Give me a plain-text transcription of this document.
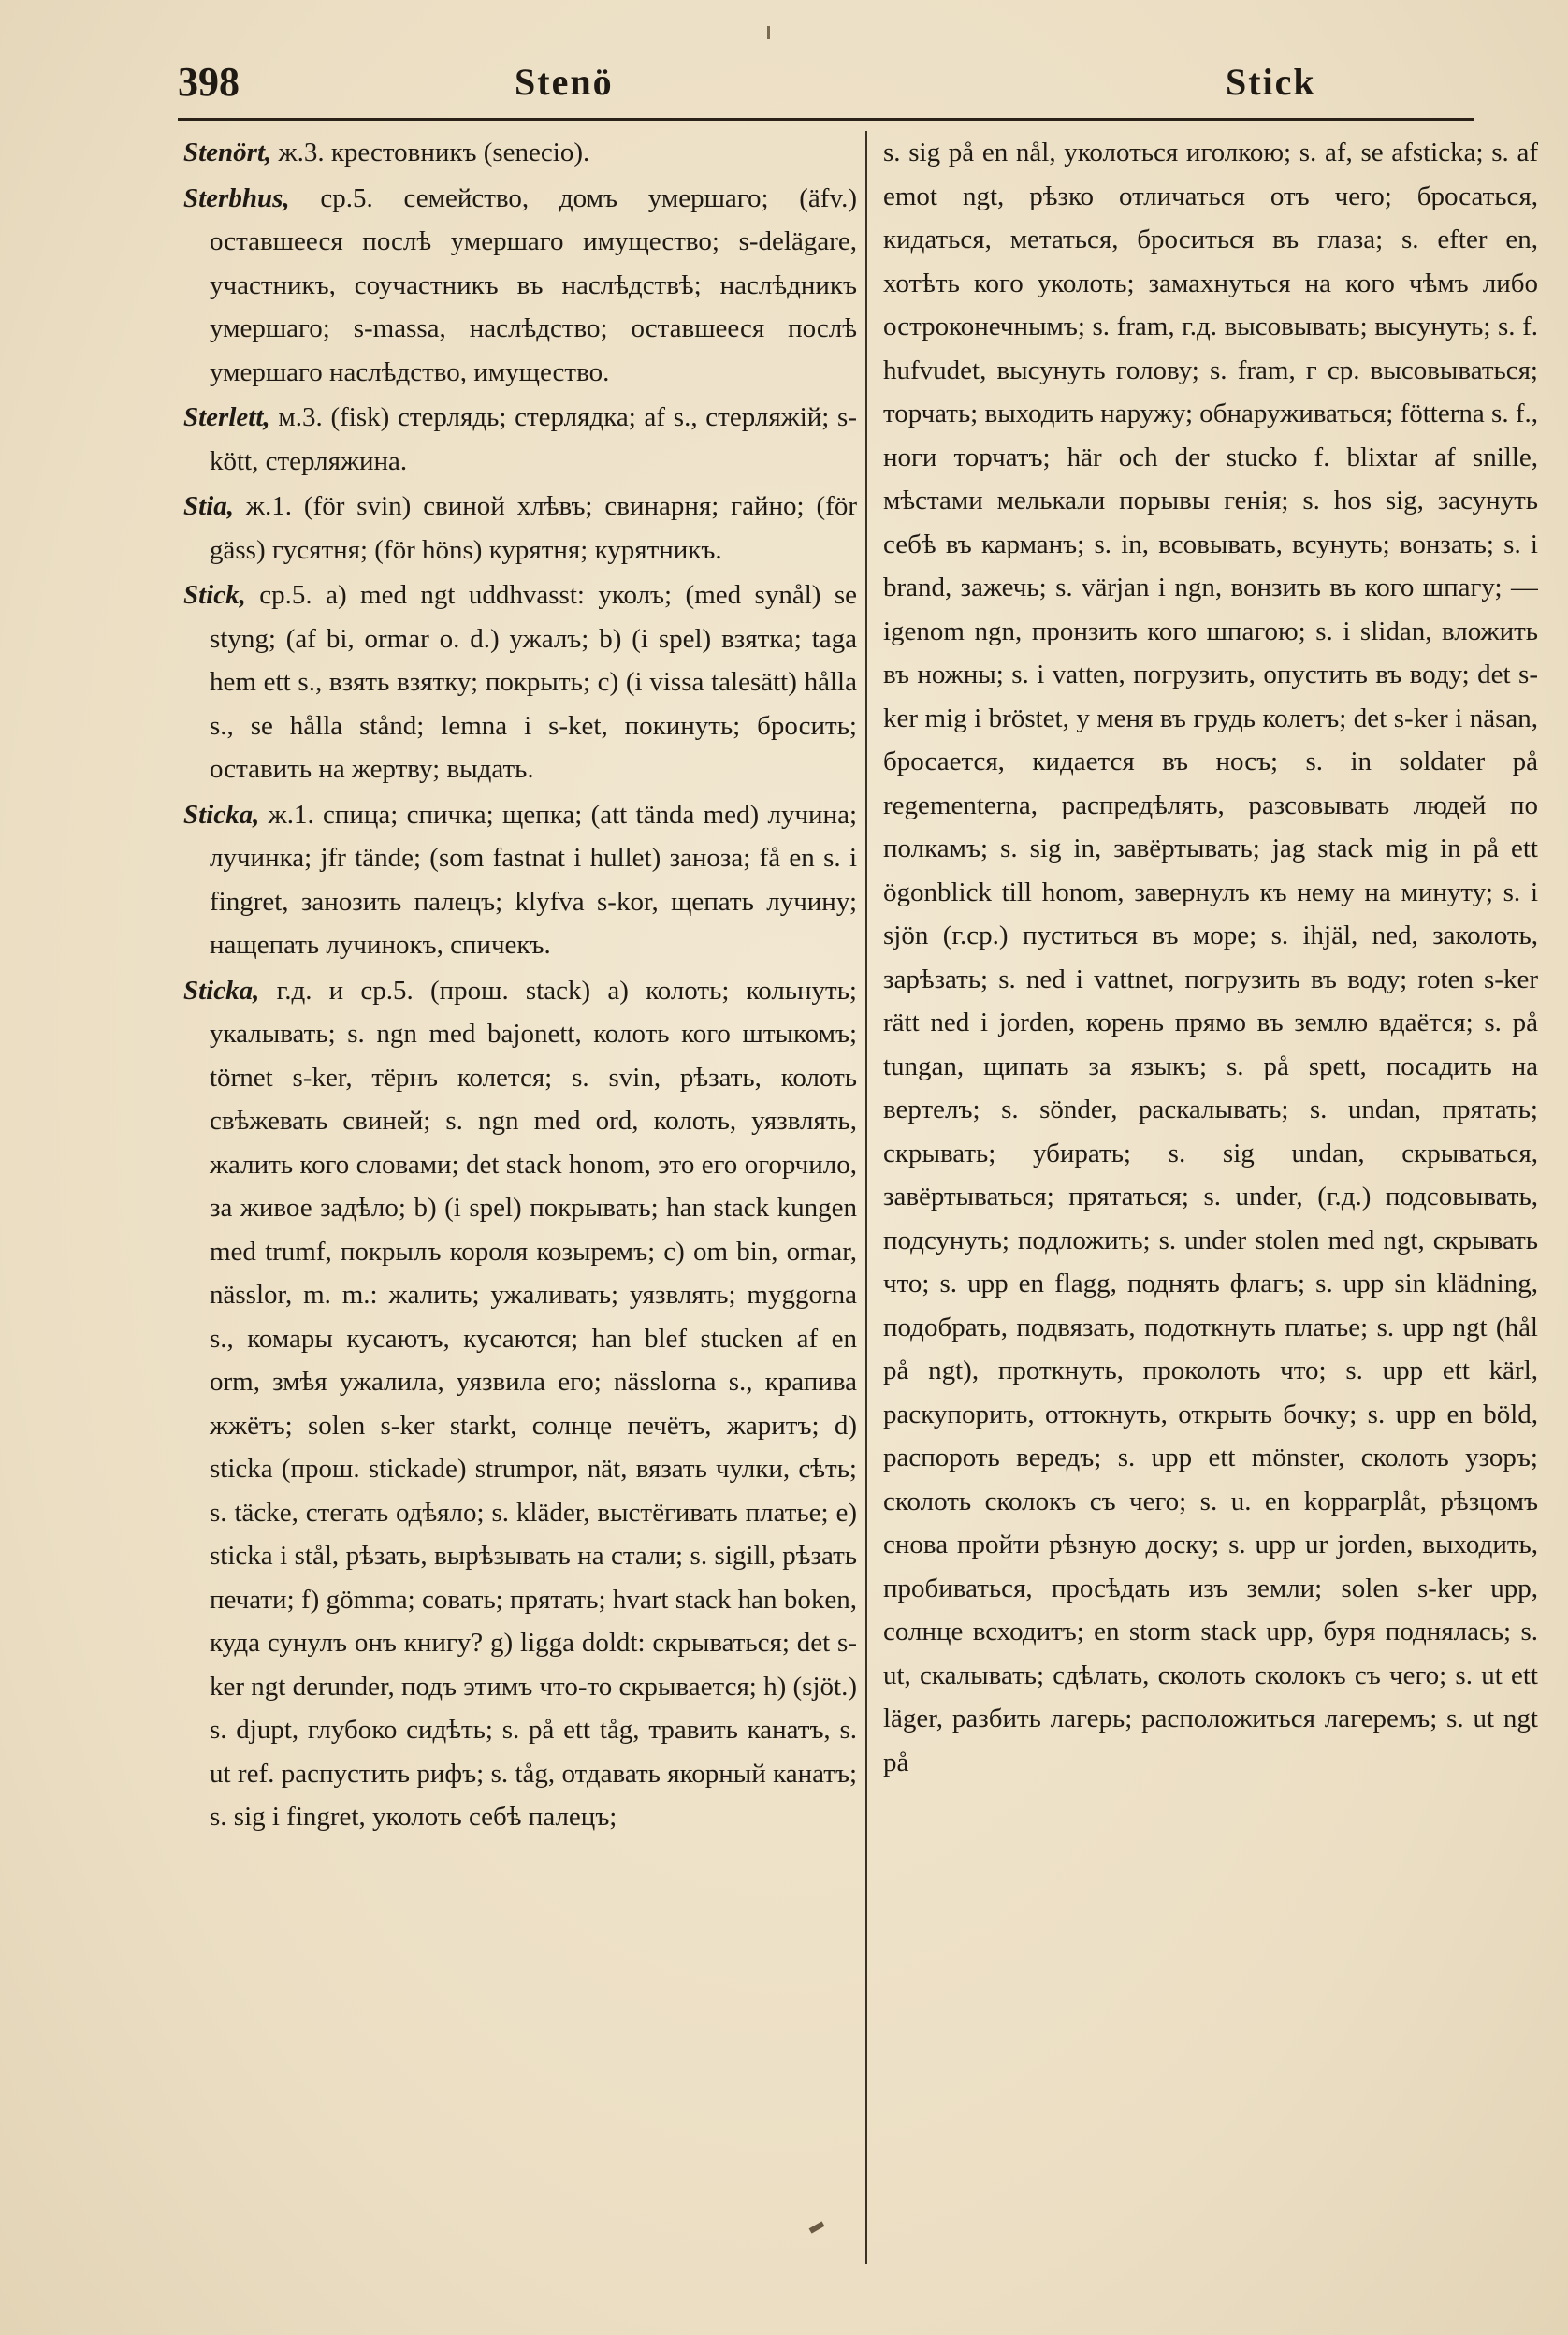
398	Stenö	Stick

Stenört, ж.3. крестовникъ (senecio).

Sterbhus, ср.5. семейство, домъ умершаго; (äfv.) оставшееся послѣ умершаго имущество; s-delägare, участникъ, соучастникъ въ наслѣдствѣ; наслѣдникъ умершаго; s-massa, наслѣдство; оставшееся послѣ умершаго наслѣдство, имущество.

Sterlett, м.3. (fisk) стерлядь; стерлядка; af s., стерляжій; s-kött, стерляжина.

Stia, ж.1. (för svin) свиной хлѣвъ; свинарня; гайно; (för gäss) гусятня; (för höns) курятня; курятникъ.

Stick, ср.5. a) med ngt uddhvasst: уколъ; (med synål) se styng; (af bi, ormar o. d.) ужалъ; b) (i spel) взятка; taga hem ett s., взять взятку; покрыть; c) (i vissa talesätt) hålla s., se hålla stånd; lemna i s-ket, покинуть; бросить; оставить на жертву; выдать.

Sticka, ж.1. спица; спичка; щепка; (att tända med) лучина; лучинка; jfr tände; (som fastnat i hullet) заноза; få en s. i fingret, занозить палецъ; klyfva s-kor, щепать лучину; нащепать лучинокъ, спичекъ.

Sticka, г.д. и ср.5. (прош. stack) a) колоть; кольнуть; укалывать; s. ngn med bajonett, колоть кого штыкомъ; törnet s-ker, тёрнъ колется; s. svin, рѣзать, колоть свѣжевать свиней; s. ngn med ord, колоть, уязвлять, жалить кого словами; det stack honom, это его огорчило, за живое задѣло; b) (i spel) покрывать; han stack kungen med trumf, покрылъ короля козыремъ; c) om bin, ormar, nässlor, m. m.: жалить; ужаливать; уязвлять; myggorna s., комары кусаютъ, кусаются; han blef stucken af en orm, змѣя ужалила, уязвила его; nässlorna s., крапива жжётъ; solen s-ker starkt, солнце печётъ, жаритъ; d) sticka (прош. stickade) strumpor, nät, вязать чулки, сѣть; s. täcke, стегать одѣяло; s. kläder, выстёгивать платье; e) sticka i stål, рѣзать, вырѣзывать на стали; s. sigill, рѣзать печати; f) gömma; совать; прятать; hvart stack han boken, куда сунулъ онъ книгу? g) ligga doldt: скрываться; det s-ker ngt derunder, подъ этимъ что-то скрывается; h) (sjöt.) s. djupt, глубоко сидѣть; s. på ett tåg, травить канатъ, s. ut ref. распустить рифъ; s. tåg, отдавать якорный канатъ; s. sig i fingret, уколоть себѣ палецъ;

s. sig på en nål, уколоться иголкою; s. af, se afsticka; s. af emot ngt, рѣзко отличаться отъ чего; бросаться, кидаться, метаться, броситься въ глаза; s. efter en, хотѣть кого уколоть; замахнуться на кого чѣмъ либо остроконечнымъ; s. fram, г.д. высовывать; высунуть; s. f. hufvudet, высунуть голову; s. fram, г ср. высовываться; торчать; выходить наружу; обнаруживаться; fötterna s. f., ноги торчатъ; här och der stucko f. blixtar af snille, мѣстами мелькали порывы генія; s. hos sig, засунуть себѣ въ карманъ; s. in, всовывать, всунуть; вонзать; s. i brand, зажечь; s. värjan i ngn, вонзить въ кого шпагу; — igenom ngn, пронзить кого шпагою; s. i slidan, вложить въ ножны; s. i vatten, погрузить, опустить въ воду; det s-ker mig i bröstet, у меня въ грудь колетъ; det s-ker i näsan, бросается, кидается въ носъ; s. in soldater på regementerna, распредѣлять, разсовывать людей по полкамъ; s. sig in, завёртывать; jag stack mig in på ett ögonblick till honom, завернулъ къ нему на минуту; s. i sjön (г.ср.) пуститься въ море; s. ihjäl, ned, заколоть, зарѣзать; s. ned i vattnet, погрузить въ воду; roten s-ker rätt ned i jorden, корень прямо въ землю вдаётся; s. på tungan, щипать за языкъ; s. på spett, посадить на вертелъ; s. sönder, раскалывать; s. undan, прятать; скрывать; убирать; s. sig undan, скрываться, завёртываться; прятаться; s. under, (г.д.) подсовывать, подсунуть; подложить; s. under stolen med ngt, скрывать что; s. upp en flagg, поднять флагъ; s. upp sin klädning, подобрать, подвязать, подоткнуть платье; s. upp ngt (hål på ngt), проткнуть, проколоть что; s. upp ett kärl, раскупорить, оттокнуть, открыть бочку; s. upp en böld, распороть вередъ; s. upp ett mönster, сколоть узоръ; сколоть сколокъ съ чего; s. u. en kopparplåt, рѣзцомъ снова пройти рѣзную доску; s. upp ur jorden, выходить, пробиваться, просѣдать изъ земли; solen s-ker upp, солнце всходитъ; en storm stack upp, буря поднялась; s. ut, скалывать; сдѣлать, сколоть сколокъ съ чего; s. ut ett läger, разбить лагерь; расположиться лагеремъ; s. ut ngt på
